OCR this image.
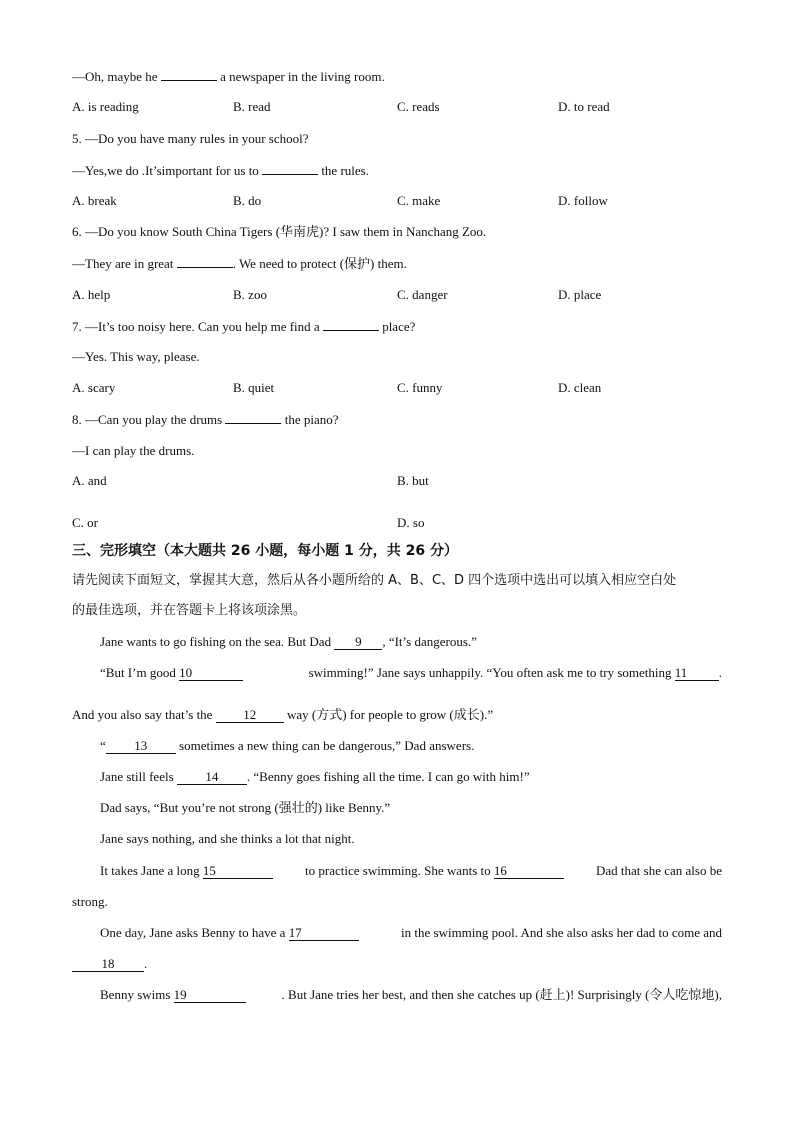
—Oh, maybe he	a newspaper in the living room.
A. is reading	B. read	C. reads	D. to read
5. —Do you have many rules in your school?
—Yes,we do .It’simportant for us to	the rules.
A. break	B. do	C. make	D. follow
6. —Do you know South China Tigers (华南虎)? I saw them in Nanchang Zoo.
—They are in great	. We need to protect (保护) them.
A. help	B. zoo	C. danger	D. place
7. —It’s too noisy here. Can you help me find a	place?
—Yes. This way, please.
A. scary	B. quiet	C. funny	D. clean
8. —Can you play the drums	the piano?
—I can play the drums.
A. and	B. but
C. or	D. so
三、完形填空（本大题共 26 小题，每小题 1 分，共 26 分）
请先阅读下面短文，掌握其大意，然后从各小题所给的 A、B、C、D 四个选项中选出可以填入相应空白处
的最佳选项，并在答题卡上将该项涂黑。
Jane wants to go fishing on the sea. But Dad 9 , “It’s dangerous.”
“But I’m good 10	swimming!” Jane says unhappily. “You often ask me to try something 11 .
And you also say that’s the 12 way (方式) for people to grow (成长).”
“ 13 sometimes a new thing can be dangerous,” Dad answers.
Jane still feels 14 . “Benny goes fishing all the time. I can go with him!”
Dad says, “But you’re not strong (强壮的) like Benny.”
Jane says nothing, and she thinks a lot that night.
It takes Jane a long 15	to practice swimming. She wants to 16	Dad that she can also be
strong.
One day, Jane asks Benny to have a 17	in the swimming pool. And she also asks her dad to come and
18 .
Benny swims 19	. But Jane tries her best, and then she catches up (赶上)! Surprisingly (令人吃惊地),
